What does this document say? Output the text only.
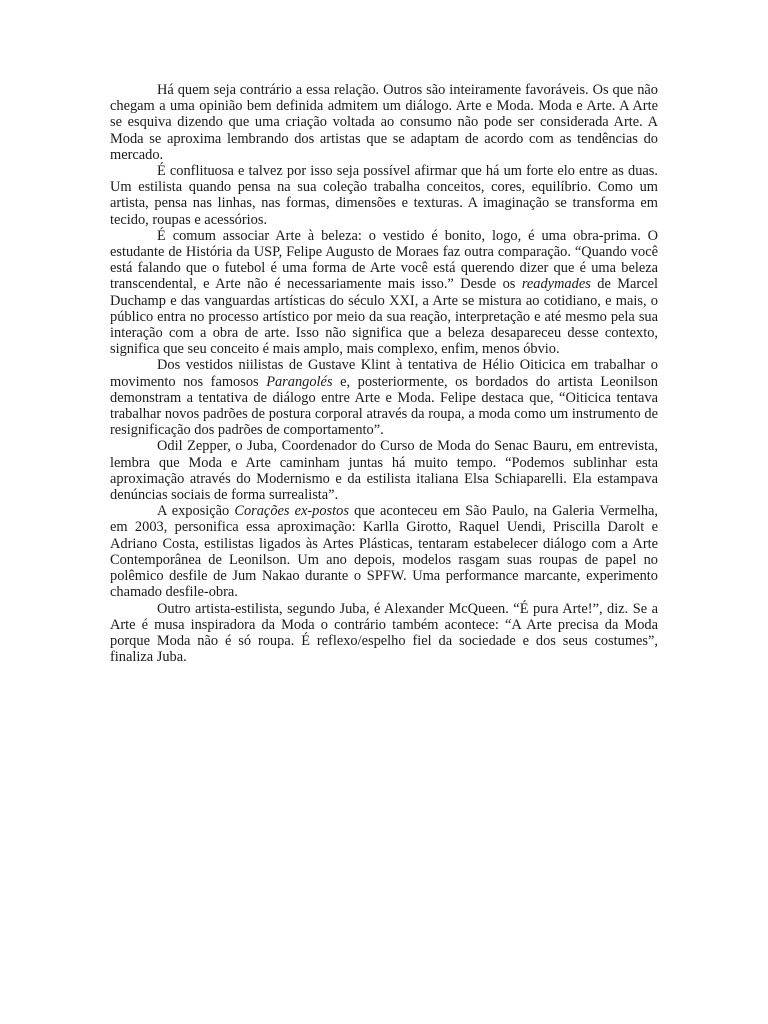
Há quem seja contrário a essa relação. Outros são inteiramente favoráveis. Os que não chegam a uma opinião bem definida admitem um diálogo. Arte e Moda. Moda e Arte. A Arte se esquiva dizendo que uma criação voltada ao consumo não pode ser considerada Arte. A Moda se aproxima lembrando dos artistas que se adaptam de acordo com as tendências do mercado.

É conflituosa e talvez por isso seja possível afirmar que há um forte elo entre as duas. Um estilista quando pensa na sua coleção trabalha conceitos, cores, equilíbrio. Como um artista, pensa nas linhas, nas formas, dimensões e texturas. A imaginação se transforma em tecido, roupas e acessórios.

É comum associar Arte à beleza: o vestido é bonito, logo, é uma obra-prima. O estudante de História da USP, Felipe Augusto de Moraes faz outra comparação. “Quando você está falando que o futebol é uma forma de Arte você está querendo dizer que é uma beleza transcendental, e Arte não é necessariamente mais isso.” Desde os readymades de Marcel Duchamp e das vanguardas artísticas do século XXI, a Arte se mistura ao cotidiano, e mais, o público entra no processo artístico por meio da sua reação, interpretação e até mesmo pela sua interação com a obra de arte. Isso não significa que a beleza desapareceu desse contexto, significa que seu conceito é mais amplo, mais complexo, enfim, menos óbvio.

Dos vestidos niilistas de Gustave Klint à tentativa de Hélio Oiticica em trabalhar o movimento nos famosos Parangolés e, posteriormente, os bordados do artista Leonilson demonstram a tentativa de diálogo entre Arte e Moda. Felipe destaca que, “Oiticica tentava trabalhar novos padrões de postura corporal através da roupa, a moda como um instrumento de resignificação dos padrões de comportamento”.

Odil Zepper, o Juba, Coordenador do Curso de Moda do Senac Bauru, em entrevista, lembra que Moda e Arte caminham juntas há muito tempo. “Podemos sublinhar esta aproximação através do Modernismo e da estilista italiana Elsa Schiaparelli. Ela estampava denúncias sociais de forma surrealista”.

A exposição Corações ex-postos que aconteceu em São Paulo, na Galeria Vermelha, em 2003, personifica essa aproximação: Karlla Girotto, Raquel Uendi, Priscilla Darolt e Adriano Costa, estilistas ligados às Artes Plásticas, tentaram estabelecer diálogo com a Arte Contemporânea de Leonilson. Um ano depois, modelos rasgam suas roupas de papel no polêmico desfile de Jum Nakao durante o SPFW. Uma performance marcante, experimento chamado desfile-obra.

Outro artista-estilista, segundo Juba, é Alexander McQueen. “É pura Arte!”, diz. Se a Arte é musa inspiradora da Moda o contrário também acontece: “A Arte precisa da Moda porque Moda não é só roupa. É reflexo/espelho fiel da sociedade e dos seus costumes”, finaliza Juba.
